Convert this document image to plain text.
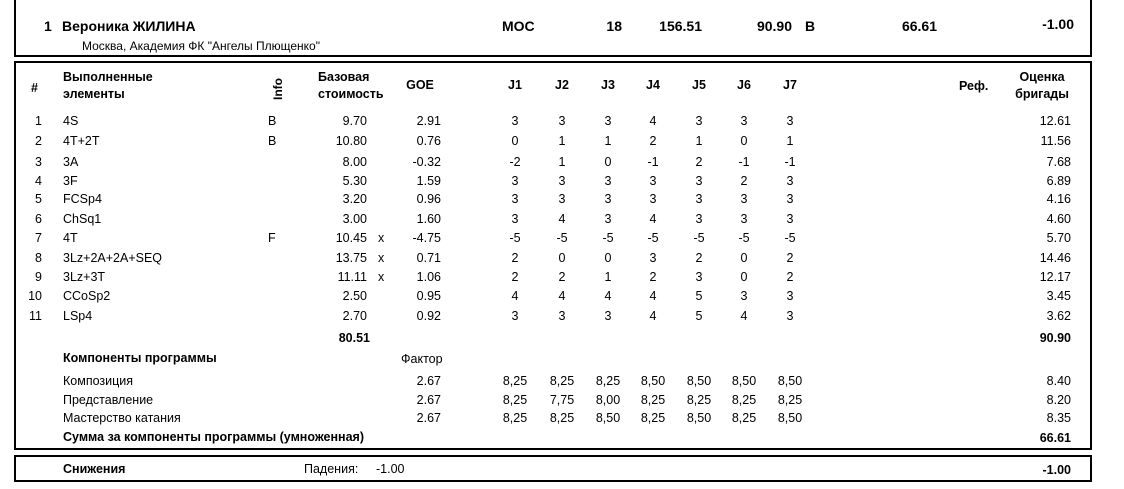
1 Вероника ЖИЛИНА
Москва, Академия ФК "Ангелы Плющенко"
MOC	18	156.51	90.90 B	66.61	-1.00
#
Выполненные
элементы	Info
Базовая
стоимость
GOE	J1	J2	J3	J4	J5	J6	J7	Реф.
Оценка
бригады
1 4S	B	9.70	2.91	3	3	3	4	3	3	3	12.61
2 4T+2T	B	10.80	0.76	0	1	1	2	1	0	1	11.56
3 3A	8.00	-0.32	-2	1	0	-1	2	-1	-1	7.68
4 3F	5.30	1.59	3	3	3	3	3	2	3	6.89
5 FCSp4	3.20	0.96	3	3	3	3	3	3	3	4.16
6 ChSq1	3.00	1.60	3	4	3	4	3	3	3	4.60
7 4T	F	10.45 x	-4.75	-5	-5	-5	-5	-5	-5	-5	5.70
8 3Lz+2A+2A+SEQ	13.75 x	0.71	2	0	0	3	2	0	2	14.46
9 3Lz+3T	11.11 x	1.06	2	2	1	2	3	0	2	12.17
10 CCoSp2	2.50	0.95	4	4	4	4	5	3	3	3.45
11 LSp4	2.70	0.92	3	3	3	4	5	4	3	3.62
80.51	90.90
Компоненты программы	Фактор
Композиция	2.67	8,25	8,25	8,25	8,50	8,50	8,50	8,50	8.40
Представление	2.67	8,25	7,75	8,00	8,25	8,25	8,25	8,25	8.20
Мастерство катания	2.67	8,25	8,25	8,50	8,25	8,50	8,25	8,50	8.35
Сумма за компоненты программы (умноженная)	66.61
Снижения	Падения: -1.00	-1.00
